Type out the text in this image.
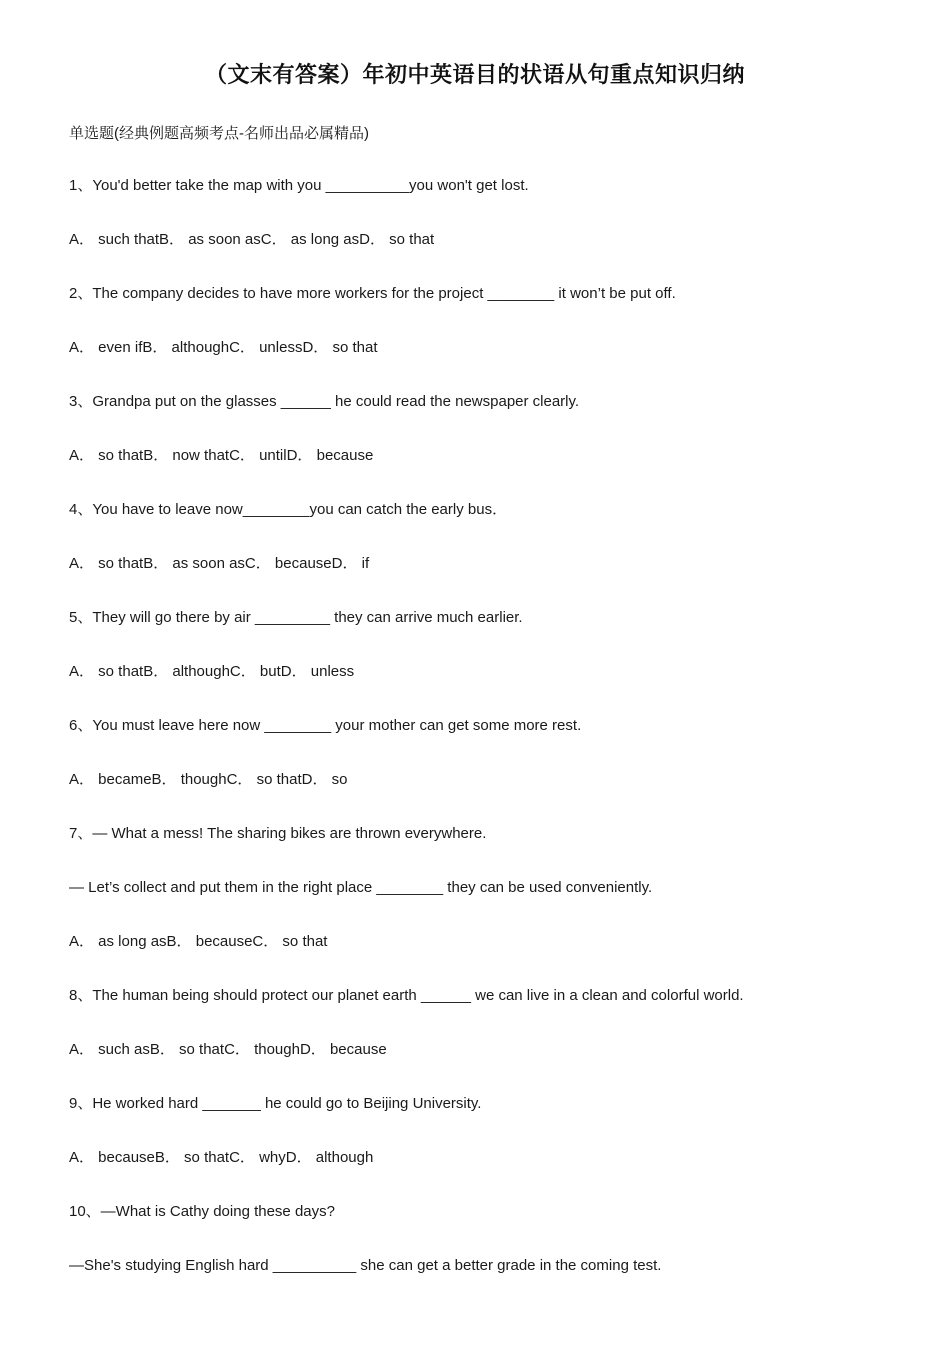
（文末有答案）年初中英语目的状语从句重点知识归纳

单选题(经典例题高频考点-名师出品必属精品)

1、You'd better take the map with you __________you won't get lost.
A． such thatB． as soon asC． as long asD． so that
2、The company decides to have more workers for the project ________ it won’t be put off.
A． even ifB． althoughC． unlessD． so that
3、Grandpa put on the glasses ______ he could read the newspaper clearly.
A． so thatB． now thatC． untilD． because
4、You have to leave now________you can catch the early bus．
A． so thatB． as soon asC． becauseD． if
5、They will go there by air _________ they can arrive much earlier.
A． so thatB． althoughC． butD． unless
6、You must leave here now ________ your mother can get some more rest.
A． becameB． thoughC． so thatD． so
7、— What a mess! The sharing bikes are thrown everywhere.
— Let’s collect and put them in the right place ________ they can be used conveniently.
A． as long asB． becauseC． so that
8、The human being should protect our planet earth ______ we can live in a clean and colorful world.
A． such asB． so thatC． thoughD． because
9、He worked hard _______ he could go to Beijing University.
A． becauseB． so thatC． whyD． although
10、—What is Cathy doing these days?
—She's studying English hard __________ she can get a better grade in the coming test.
